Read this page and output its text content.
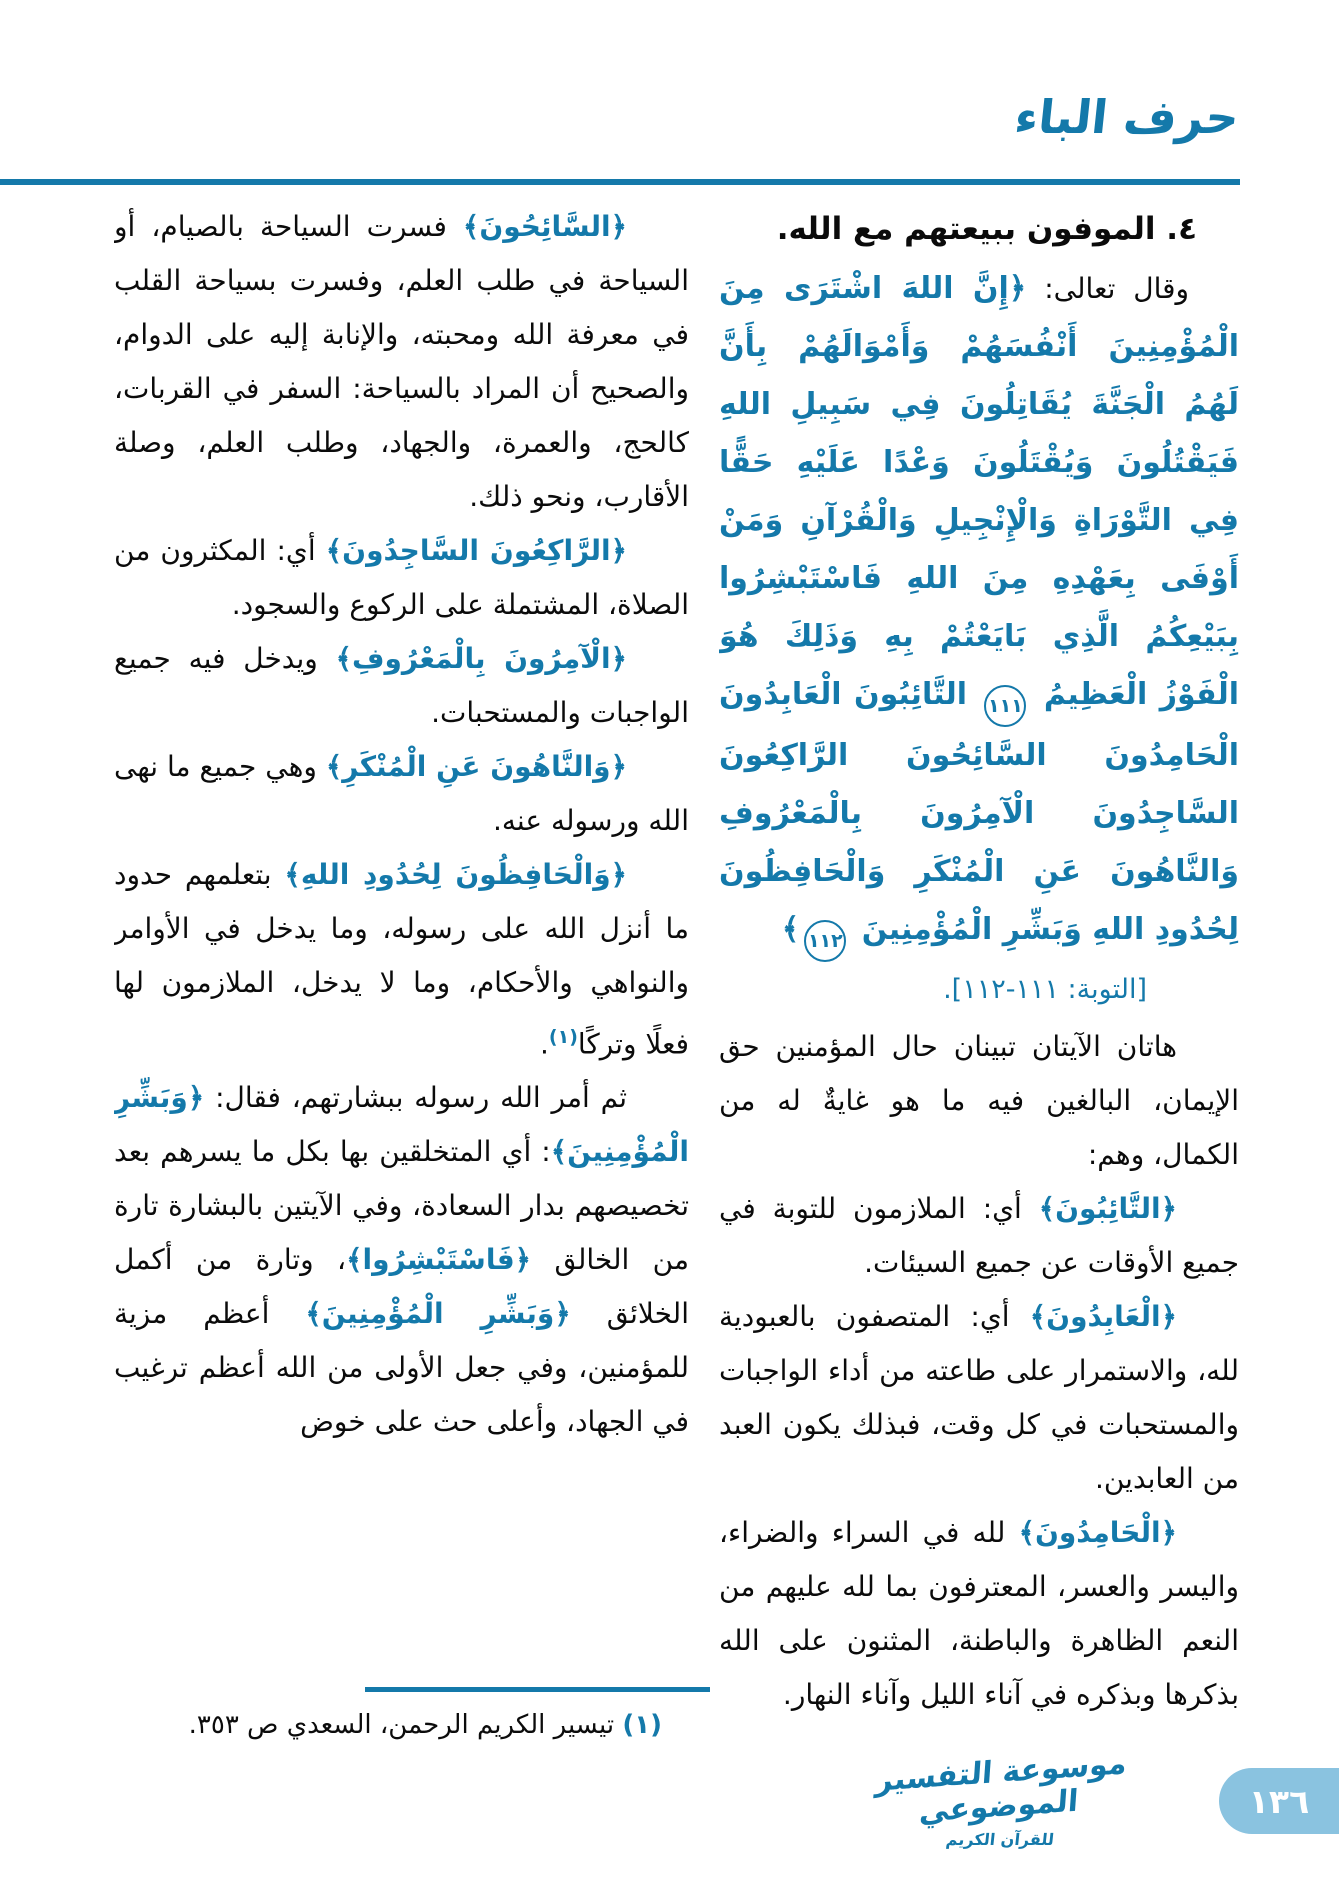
حرف الباء
٤. الموفون ببيعتهم مع الله.

وقال تعالى: ﴿إِنَّ اللهَ اشْتَرَى مِنَ الْمُؤْمِنِينَ أَنْفُسَهُمْ وَأَمْوَالَهُمْ بِأَنَّ لَهُمُ الْجَنَّةَ يُقَاتِلُونَ فِي سَبِيلِ اللهِ فَيَقْتُلُونَ وَيُقْتَلُونَ وَعْدًا عَلَيْهِ حَقًّا فِي التَّوْرَاةِ وَالْإِنْجِيلِ وَالْقُرْآنِ وَمَنْ أَوْفَى بِعَهْدِهِ مِنَ اللهِ فَاسْتَبْشِرُوا بِبَيْعِكُمُ الَّذِي بَايَعْتُمْ بِهِ وَذَلِكَ هُوَ الْفَوْزُ الْعَظِيمُ ١١١ التَّائِبُونَ الْعَابِدُونَ الْحَامِدُونَ السَّائِحُونَ الرَّاكِعُونَ السَّاجِدُونَ الْآمِرُونَ بِالْمَعْرُوفِ وَالنَّاهُونَ عَنِ الْمُنْكَرِ وَالْحَافِظُونَ لِحُدُودِ اللهِ وَبَشِّرِ الْمُؤْمِنِينَ ١١٢﴾

[التوبة: ١١١-١١٢].

هاتان الآيتان تبينان حال المؤمنين حق الإيمان، البالغين فيه ما هو غايةٌ له من الكمال، وهم:

﴿التَّائِبُونَ﴾ أي: الملازمون للتوبة في جميع الأوقات عن جميع السيئات.

﴿الْعَابِدُونَ﴾ أي: المتصفون بالعبودية لله، والاستمرار على طاعته من أداء الواجبات والمستحبات في كل وقت، فبذلك يكون العبد من العابدين.

﴿الْحَامِدُونَ﴾ لله في السراء والضراء، واليسر والعسر، المعترفون بما لله عليهم من النعم الظاهرة والباطنة، المثنون على الله بذكرها وبذكره في آناء الليل وآناء النهار.

﴿السَّائِحُونَ﴾ فسرت السياحة بالصيام، أو السياحة في طلب العلم، وفسرت بسياحة القلب في معرفة الله ومحبته، والإنابة إليه على الدوام، والصحيح أن المراد بالسياحة: السفر في القربات، كالحج، والعمرة، والجهاد، وطلب العلم، وصلة الأقارب، ونحو ذلك.

﴿الرَّاكِعُونَ السَّاجِدُونَ﴾ أي: المكثرون من الصلاة، المشتملة على الركوع والسجود.

﴿الْآمِرُونَ بِالْمَعْرُوفِ﴾ ويدخل فيه جميع الواجبات والمستحبات.

﴿وَالنَّاهُونَ عَنِ الْمُنْكَرِ﴾ وهي جميع ما نهى الله ورسوله عنه.

﴿وَالْحَافِظُونَ لِحُدُودِ اللهِ﴾ بتعلمهم حدود ما أنزل الله على رسوله، وما يدخل في الأوامر والنواهي والأحكام، وما لا يدخل، الملازمون لها فعلًا وتركًا$^{(١)}$.

ثم أمر الله رسوله ببشارتهم، فقال: ﴿وَبَشِّرِ الْمُؤْمِنِينَ﴾: أي المتخلقين بها بكل ما يسرهم بعد تخصيصهم بدار السعادة، وفي الآيتين بالبشارة تارة من الخالق ﴿فَاسْتَبْشِرُوا﴾، وتارة من أكمل الخلائق ﴿وَبَشِّرِ الْمُؤْمِنِينَ﴾ أعظم مزية للمؤمنين، وفي جعل الأولى من الله أعظم ترغيب في الجهاد، وأعلى حث على خوض

(١) تيسير الكريم الرحمن، السعدي ص ٣٥٣.
موسوعة التفسير الموضوعي
للقرآن الكريم
١٣٦
